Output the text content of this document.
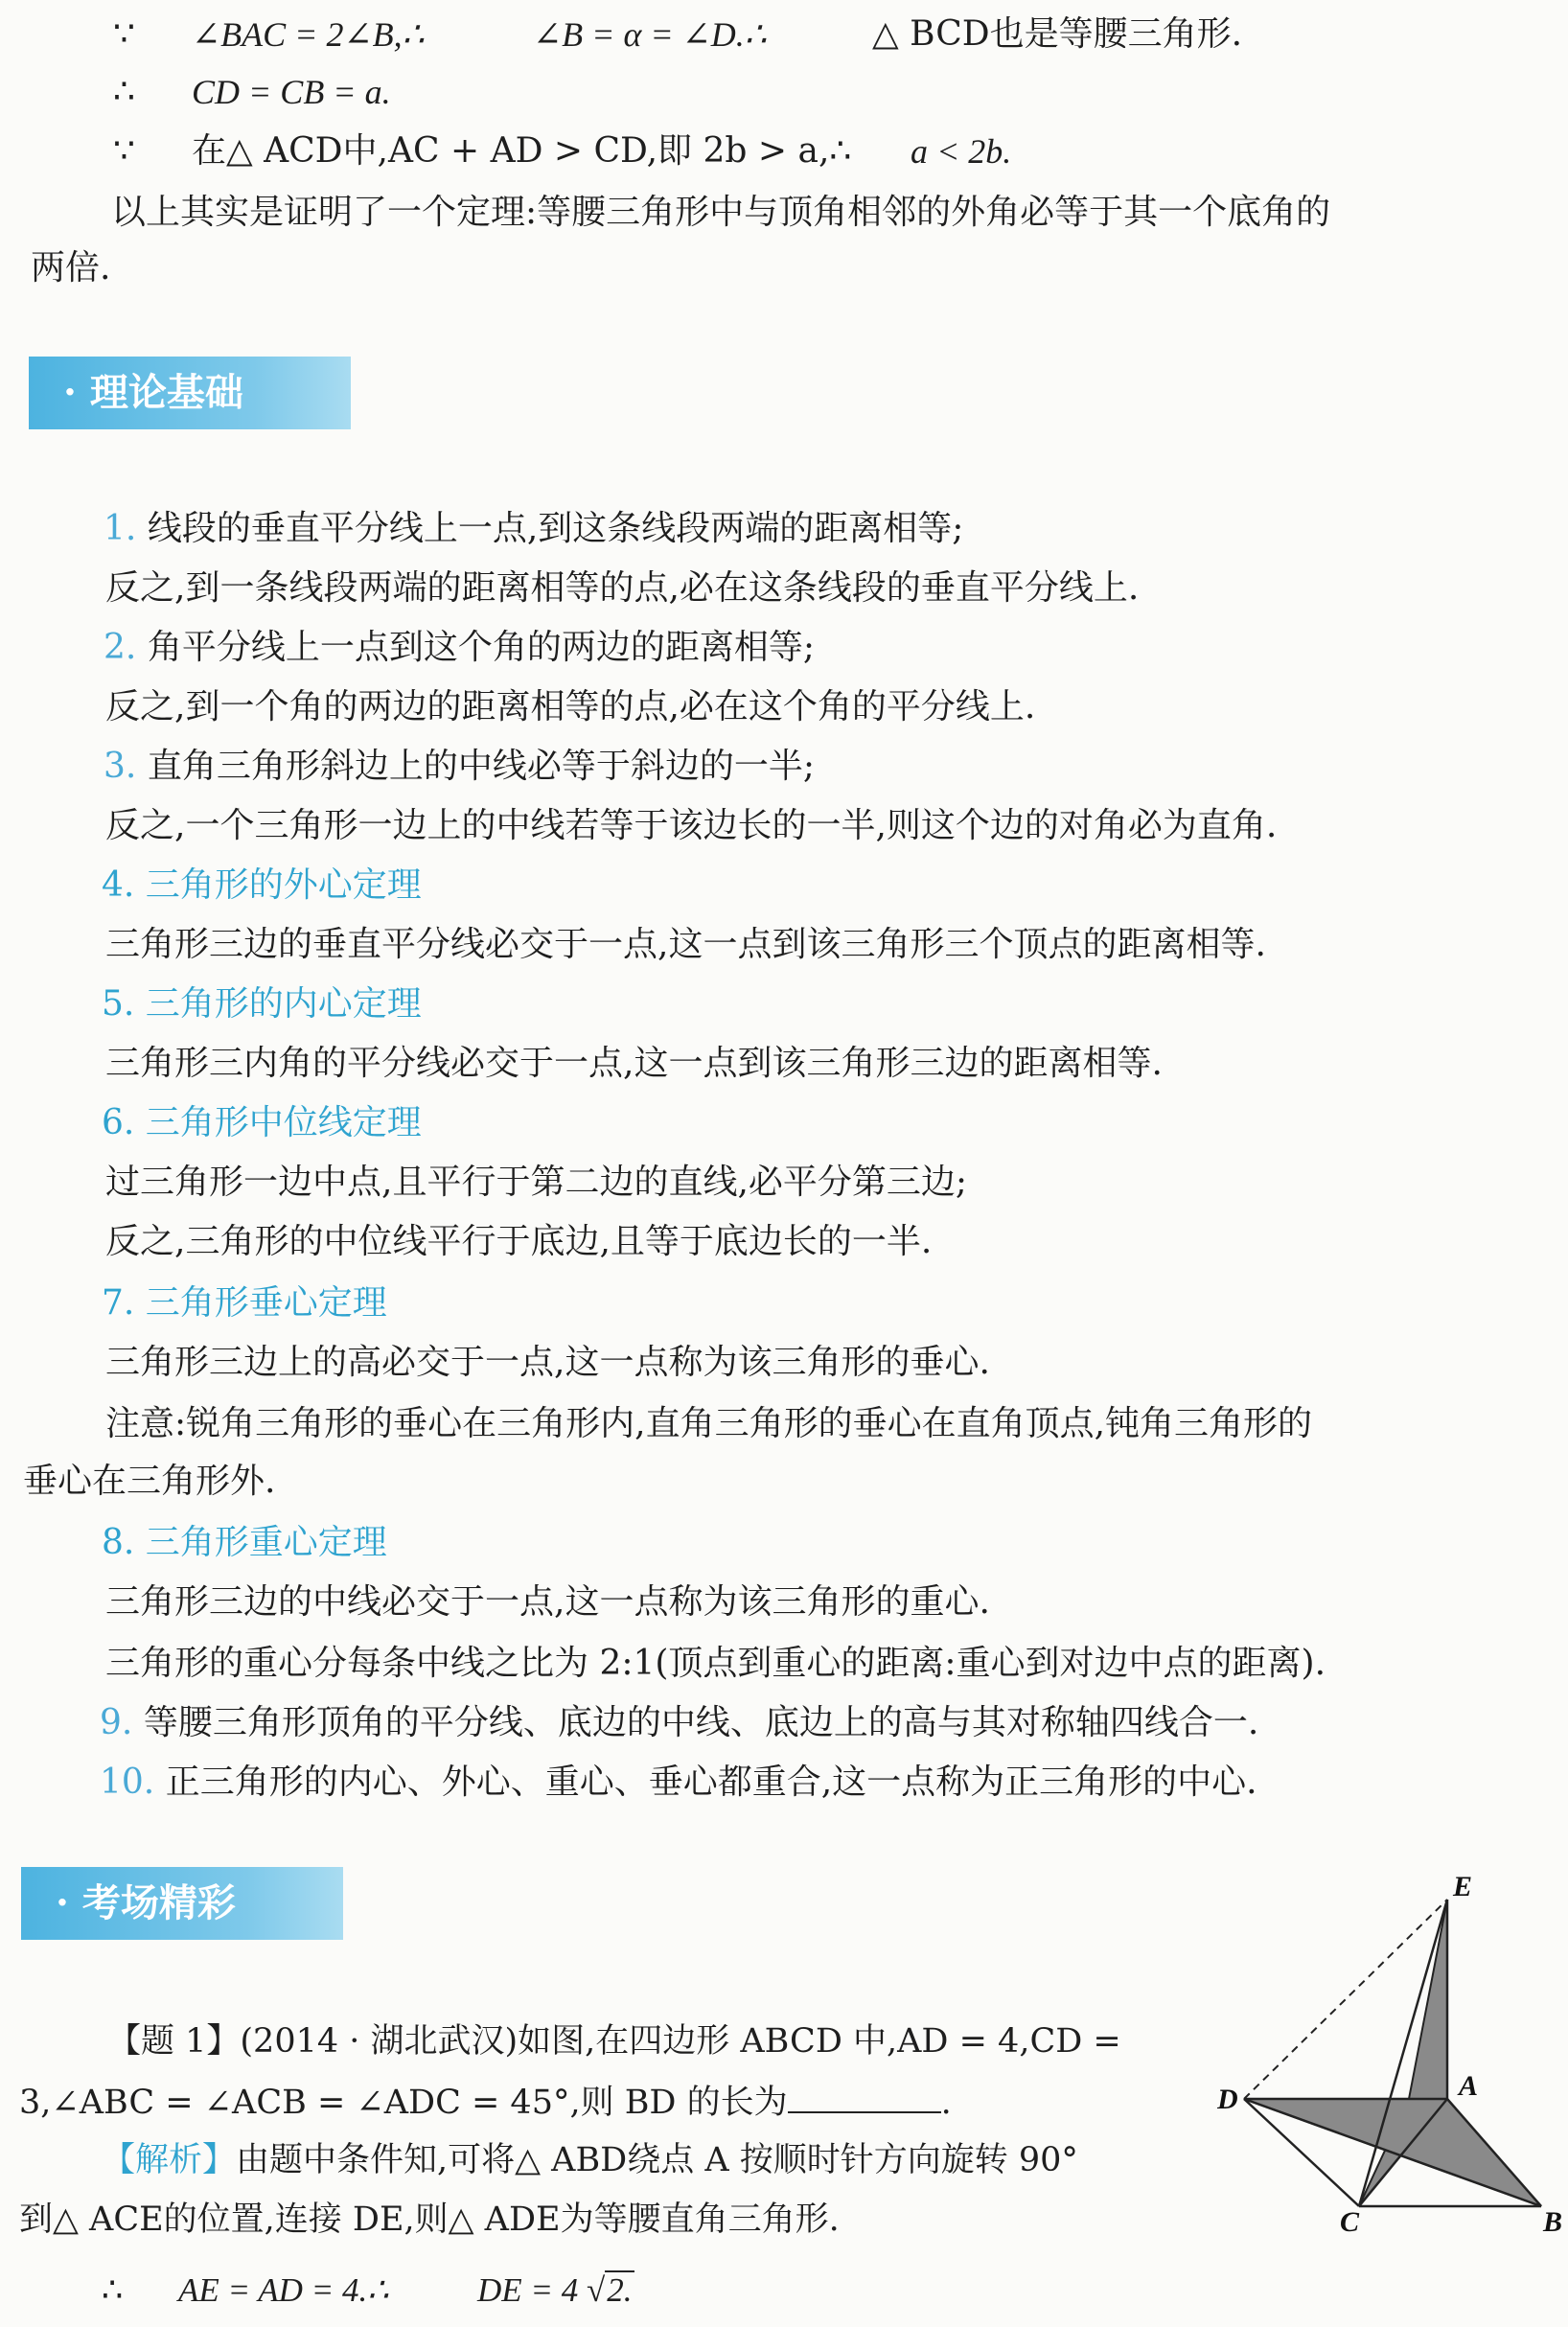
∵ ∠BAC = 2∠B,∴	∠B = α = ∠D.∴	△ BCD也是等腰三角形.
∴ CD = CB = a.
∵ 在△ ACD中,AC + AD > CD,即 2b > a,∴ a < 2b.
以上其实是证明了一个定理:等腰三角形中与顶角相邻的外角必等于其一个底角的
两倍.
· 理论基础
1. 线段的垂直平分线上一点,到这条线段两端的距离相等;
反之,到一条线段两端的距离相等的点,必在这条线段的垂直平分线上.
2. 角平分线上一点到这个角的两边的距离相等;
反之,到一个角的两边的距离相等的点,必在这个角的平分线上.
3. 直角三角形斜边上的中线必等于斜边的一半;
反之,一个三角形一边上的中线若等于该边长的一半,则这个边的对角必为直角.
4. 三角形的外心定理
三角形三边的垂直平分线必交于一点,这一点到该三角形三个顶点的距离相等.
5. 三角形的内心定理
三角形三内角的平分线必交于一点,这一点到该三角形三边的距离相等.
6. 三角形中位线定理
过三角形一边中点,且平行于第二边的直线,必平分第三边;
反之,三角形的中位线平行于底边,且等于底边长的一半.
7. 三角形垂心定理
三角形三边上的高必交于一点,这一点称为该三角形的垂心.
注意:锐角三角形的垂心在三角形内,直角三角形的垂心在直角顶点,钝角三角形的
垂心在三角形外.
8. 三角形重心定理
三角形三边的中线必交于一点,这一点称为该三角形的重心.
三角形的重心分每条中线之比为 2:1(顶点到重心的距离:重心到对边中点的距离).
9. 等腰三角形顶角的平分线、底边的中线、底边上的高与其对称轴四线合一.
10. 正三角形的内心、外心、重心、垂心都重合,这一点称为正三角形的中心.
· 考场精彩
【题 1】(2014 · 湖北武汉)如图,在四边形 ABCD 中,AD = 4,CD =
3,∠ABC = ∠ACB = ∠ADC = 45°,则 BD 的长为	.
【解析】由题中条件知,可将△ ABD绕点 A 按顺时针方向旋转 90°
到△ ACE的位置,连接 DE,则△ ADE为等腰直角三角形.
∴ AE = AD = 4.∴	DE = 4 √2.
E
D	A
C	B
